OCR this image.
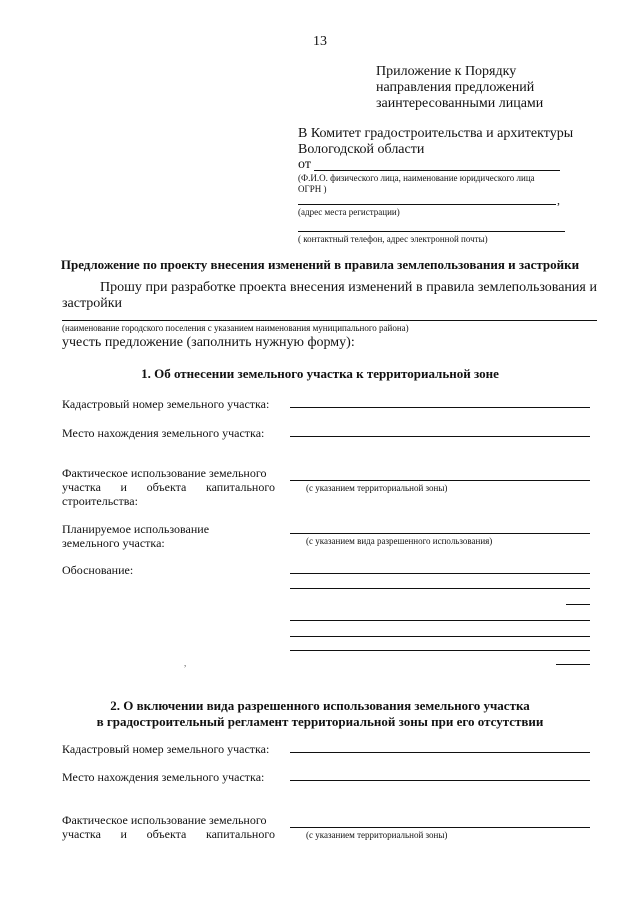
13
Приложение к Порядку
направления предложений
заинтересованными лицами
В Комитет градостроительства и архитектуры
Вологодской области
от
(Ф.И.О. физического лица, наименование юридического лица
ОГРН )
,
(адрес места регистрации)
( контактный телефон, адрес электронной почты)
Предложение по проекту внесения изменений в правила землепользования и застройки
Прошу при разработке проекта внесения изменений в правила землепользования и
застройки
(наименование городского поселения с указанием наименования муниципального района)
учесть предложение (заполнить нужную форму):
1. Об отнесении земельного участка к территориальной зоне
Кадастровый номер земельного участка:
Место нахождения земельного участка:
Фактическое использование земельного
участка и объекта капитального
строительства:
(с указанием территориальной зоны)
Планируемое использование
земельного участка:	(с указанием вида разрешенного использования)
Обоснование:
,
2. О включении вида разрешенного использования земельного участка
в градостроительный регламент территориальной зоны при его отсутствии
Кадастровый номер земельного участка:
Место нахождения земельного участка:
Фактическое использование земельного
участка и объекта капитального	(с указанием территориальной зоны)
